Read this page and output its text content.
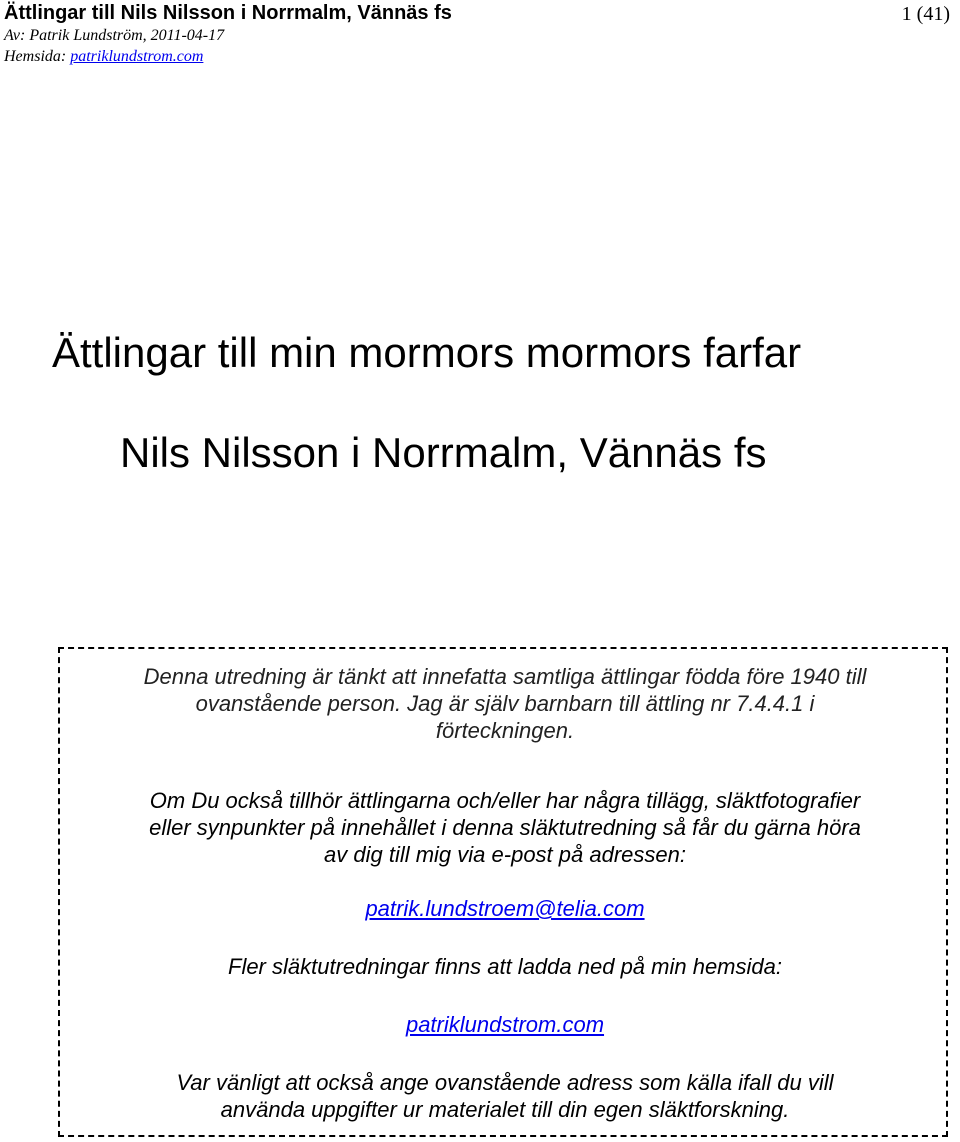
Ättlingar till Nils Nilsson i Norrmalm, Vännäs fs	1 (41)
Av: Patrik Lundström, 2011-04-17
Hemsida: patriklundstrom.com
Ättlingar till min mormors mormors farfar
Nils Nilsson i Norrmalm, Vännäs fs

Denna utredning är tänkt att innefatta samtliga ättlingar födda före 1940 till
ovanstående person. Jag är själv barnbarn till ättling nr 7.4.4.1 i
förteckningen.

Om Du också tillhör ättlingarna och/eller har några tillägg, släktfotografier
eller synpunkter på innehållet i denna släktutredning så får du gärna höra
av dig till mig via e-post på adressen:

patrik.lundstroem@telia.com

Fler släktutredningar finns att ladda ned på min hemsida:

patriklundstrom.com

Var vänligt att också ange ovanstående adress som källa ifall du vill
använda uppgifter ur materialet till din egen släktforskning.
